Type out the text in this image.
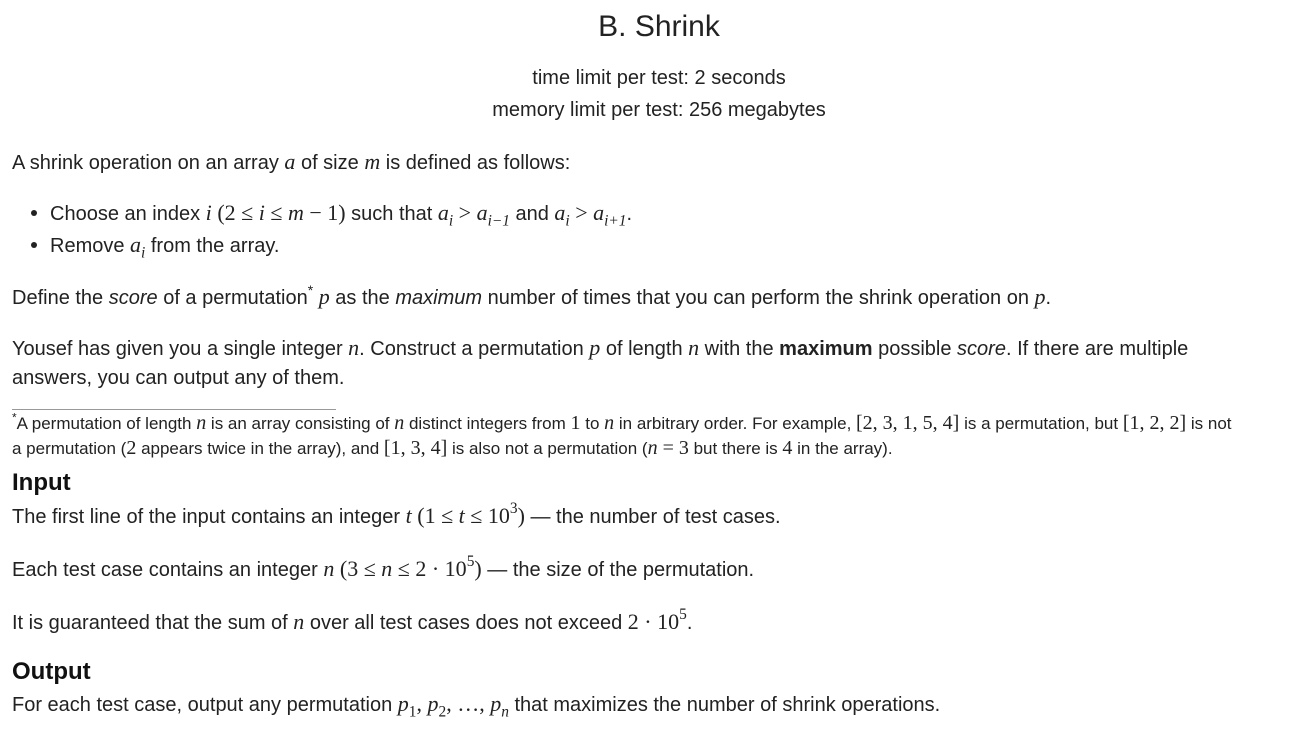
B. Shrink
time limit per test: 2 seconds
memory limit per test: 256 megabytes
A shrink operation on an array a of size m is defined as follows:
Choose an index i (2 ≤ i ≤ m − 1) such that $a_i > a_{i-1}$ and $a_i > a_{i+1}$.
Remove $a_i$ from the array.
Define the score of a permutation* p as the maximum number of times that you can perform the shrink operation on p.
Yousef has given you a single integer n. Construct a permutation p of length n with the maximum possible score. If there are multiple
answers, you can output any of them.
*A permutation of length n is an array consisting of n distinct integers from 1 to n in arbitrary order. For example, [2, 3, 1, 5, 4] is a permutation, but [1, 2, 2] is not
a permutation (2 appears twice in the array), and [1, 3, 4] is also not a permutation (n = 3 but there is 4 in the array).
Input
The first line of the input contains an integer t $(1 \le t \le 10^3)$ — the number of test cases.
Each test case contains an integer n $(3 \le n \le 2 \cdot 10^5)$ — the size of the permutation.
It is guaranteed that the sum of n over all test cases does not exceed $2 \cdot 10^5$.
Output
For each test case, output any permutation $p_1$, $p_2$, …, $p_n$ that maximizes the number of shrink operations.
